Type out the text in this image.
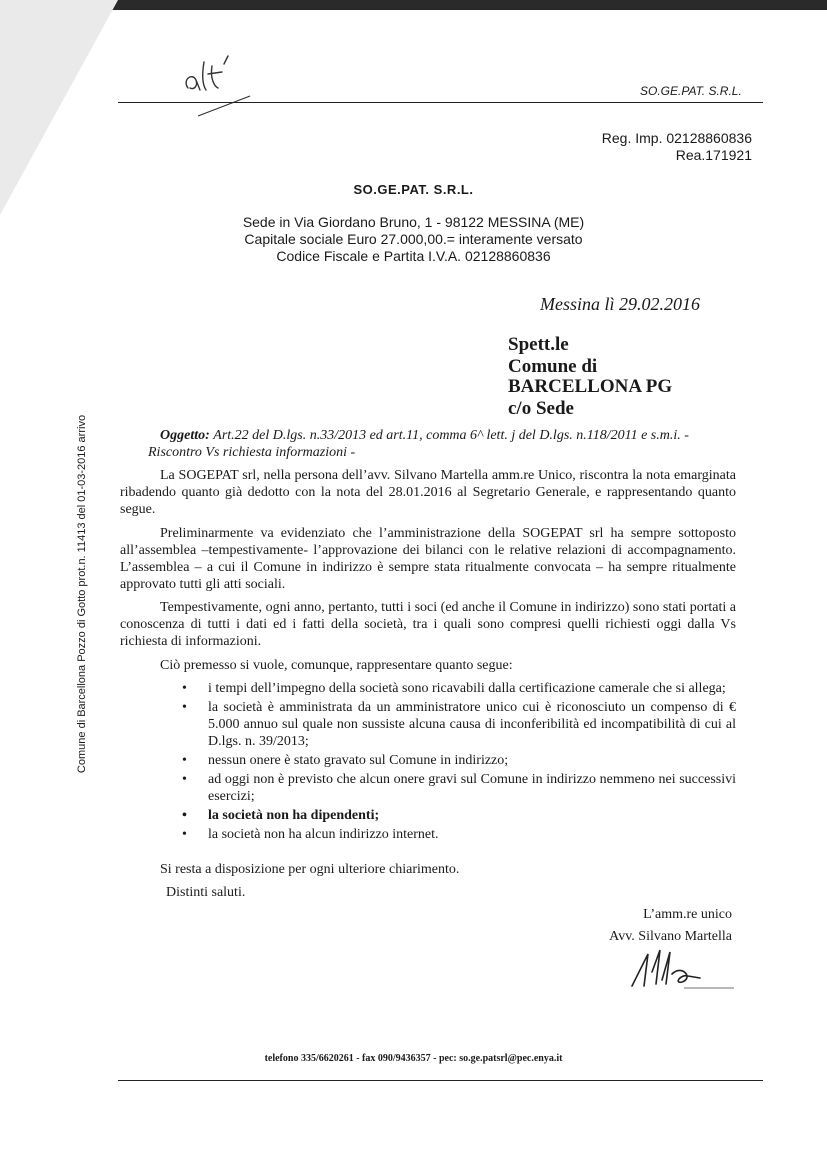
SO.GE.PAT. S.R.L.
Reg. Imp. 02128860836
Rea.171921
SO.GE.PAT. S.R.L.
Sede in Via Giordano Bruno, 1 - 98122 MESSINA (ME)
Capitale sociale Euro 27.000,00.= interamente versato
Codice Fiscale e Partita I.V.A. 02128860836
Messina lì 29.02.2016
Spett.le
Comune di
BARCELLONA PG
c/o Sede
Oggetto: Art.22 del D.lgs. n.33/2013 ed art.11, comma 6^ lett. j del D.lgs. n.118/2011 e s.m.i. - Riscontro Vs richiesta informazioni -
La SOGEPAT srl, nella persona dell’avv. Silvano Martella amm.re Unico, riscontra la nota emarginata ribadendo quanto già dedotto con la nota del 28.01.2016 al Segretario Generale, e rappresentando quanto segue.
Preliminarmente va evidenziato che l’amministrazione della SOGEPAT srl ha sempre sottoposto all’assemblea –tempestivamente- l’approvazione dei bilanci con le relative relazioni di accompagnamento. L’assemblea – a cui il Comune in indirizzo è sempre stata ritualmente convocata – ha sempre ritualmente approvato tutti gli atti sociali.
Tempestivamente, ogni anno, pertanto, tutti i soci (ed anche il Comune in indirizzo) sono stati portati a conoscenza di tutti i dati ed i fatti della società, tra i quali sono compresi quelli richiesti oggi dalla Vs richiesta di informazioni.
Ciò premesso si vuole, comunque, rappresentare quanto segue:
• i tempi dell’impegno della società sono ricavabili dalla certificazione camerale che si allega;
• la società è amministrata da un amministratore unico cui è riconosciuto un compenso di € 5.000 annuo sul quale non sussiste alcuna causa di inconferibilità ed incompatibilità di cui al D.lgs. n. 39/2013;
• nessun onere è stato gravato sul Comune in indirizzo;
• ad oggi non è previsto che alcun onere gravi sul Comune in indirizzo nemmeno nei successivi esercizi;
• la società non ha dipendenti;
• la società non ha alcun indirizzo internet.
Si resta a disposizione per ogni ulteriore chiarimento.
Distinti saluti.
L’amm.re unico
Avv. Silvano Martella
Comune di Barcellona Pozzo di Gotto prot.n. 11413 del 01-03-2016 arrivo
telefono 335/6620261 - fax 090/9436357 - pec: so.ge.patsrl@pec.enya.it
